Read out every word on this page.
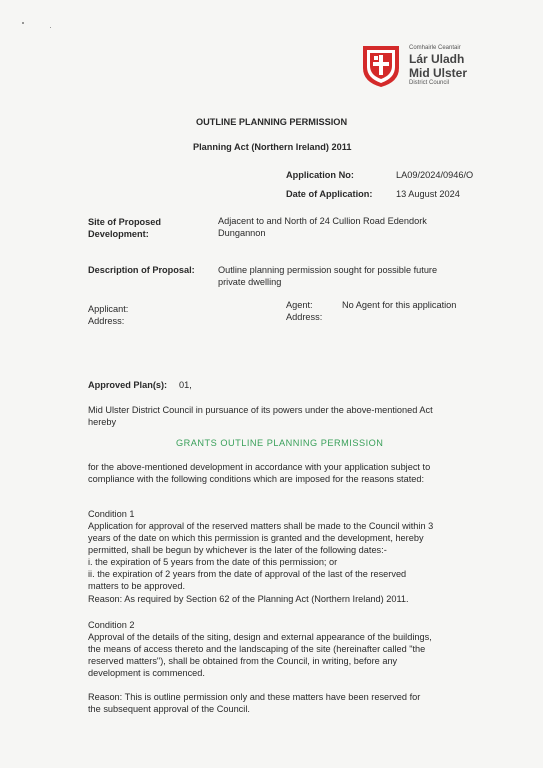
Comhairle Ceantair
Lár Uladh
Mid Ulster
District Council
OUTLINE PLANNING PERMISSION
Planning Act (Northern Ireland) 2011
Application No:	LA09/2024/0946/O
Date of Application:	13 August 2024
Site of Proposed
Development:
Adjacent to and North of 24 Cullion Road Edendork
Dungannon
Description of Proposal:	Outline planning permission sought for possible future
private dwelling
Applicant:
Address:
Agent:	No Agent for this application
Address:
Approved Plan(s): 01,
Mid Ulster District Council in pursuance of its powers under the above-mentioned Act
hereby
GRANTS OUTLINE PLANNING PERMISSION
for the above-mentioned development in accordance with your application subject to
compliance with the following conditions which are imposed for the reasons stated:
Condition 1
Application for approval of the reserved matters shall be made to the Council within 3
years of the date on which this permission is granted and the development, hereby
permitted, shall be begun by whichever is the later of the following dates:-
i. the expiration of 5 years from the date of this permission; or
ii. the expiration of 2 years from the date of approval of the last of the reserved
matters to be approved.
Reason: As required by Section 62 of the Planning Act (Northern Ireland) 2011.
Condition 2
Approval of the details of the siting, design and external appearance of the buildings,
the means of access thereto and the landscaping of the site (hereinafter called "the
reserved matters"), shall be obtained from the Council, in writing, before any
development is commenced.
Reason: This is outline permission only and these matters have been reserved for
the subsequent approval of the Council.
